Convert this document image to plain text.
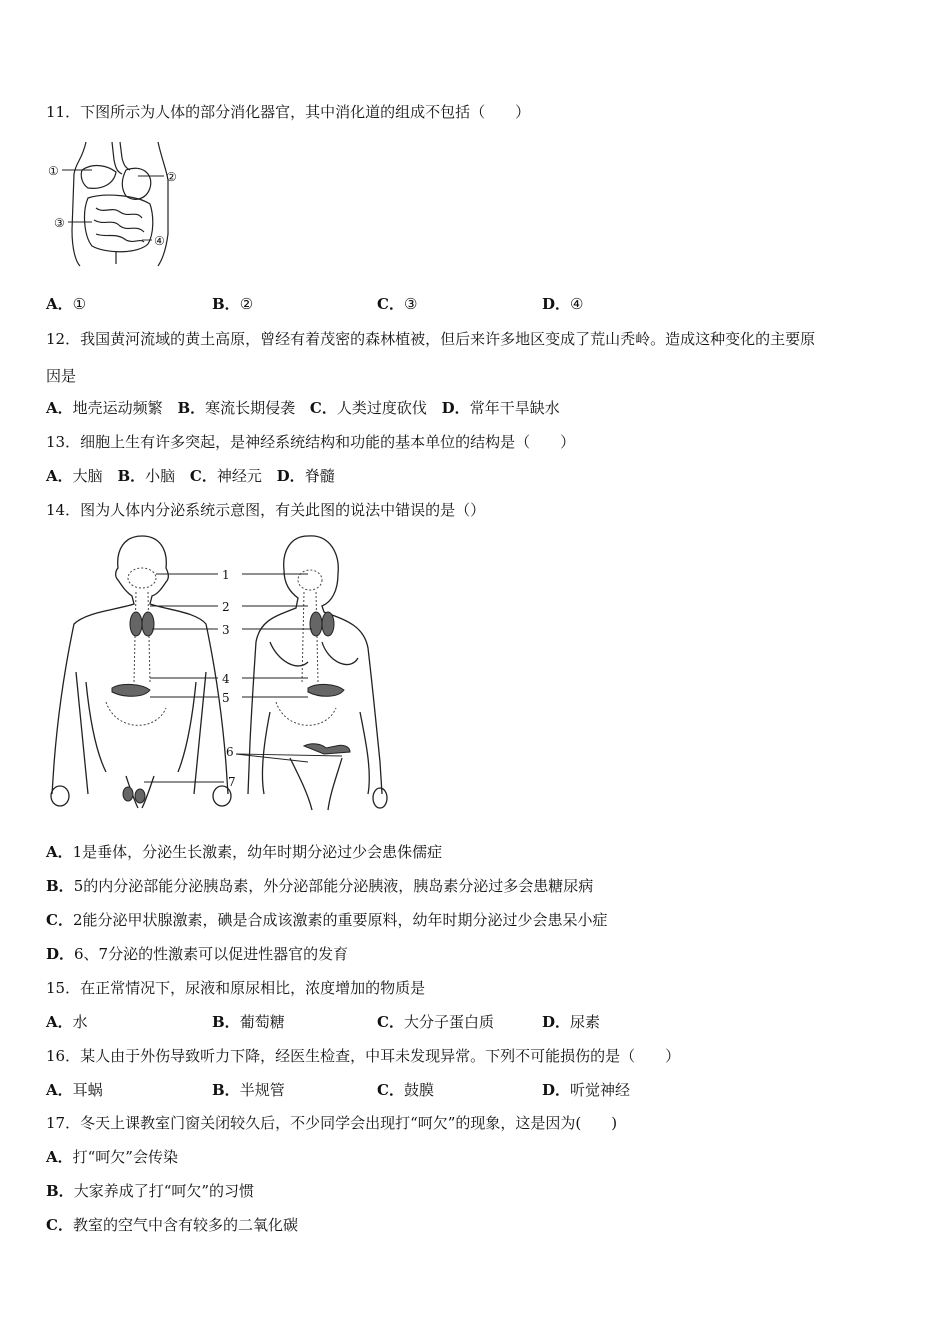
11．下图所示为人体的部分消化器官，其中消化道的组成不包括（　　）
①	②
③
④
A．①	B．②	C．③	D．④
12．我国黄河流域的黄土高原，曾经有着茂密的森林植被，但后来许多地区变成了荒山秃岭。造成这种变化的主要原
因是
A．地壳运动频繁 B．寒流长期侵袭 C．人类过度砍伐 D．常年干旱缺水
13．细胞上生有许多突起，是神经系统结构和功能的基本单位的结构是（　　）
A．大脑 B．小脑 C．神经元 D．脊髓
14．图为人体内分泌系统示意图，有关此图的说法中错误的是（）
1
2
3
4
5
6
7
A．1是垂体，分泌生长激素，幼年时期分泌过少会患侏儒症
B．5的内分泌部能分泌胰岛素，外分泌部能分泌胰液，胰岛素分泌过多会患糖尿病
C．2能分泌甲状腺激素，碘是合成该激素的重要原料，幼年时期分泌过少会患呆小症
D．6、7分泌的性激素可以促进性器官的发育
15．在正常情况下，尿液和原尿相比，浓度增加的物质是
A．水	B．葡萄糖	C．大分子蛋白质	D．尿素
16．某人由于外伤导致听力下降，经医生检查，中耳未发现异常。下列不可能损伤的是（　　）
A．耳蜗	B．半规管	C．鼓膜	D．听觉神经
17．冬天上课教室门窗关闭较久后，不少同学会出现打“呵欠”的现象，这是因为(　　)
A．打“呵欠”会传染
B．大家养成了打“呵欠”的习惯
C．教室的空气中含有较多的二氧化碳
